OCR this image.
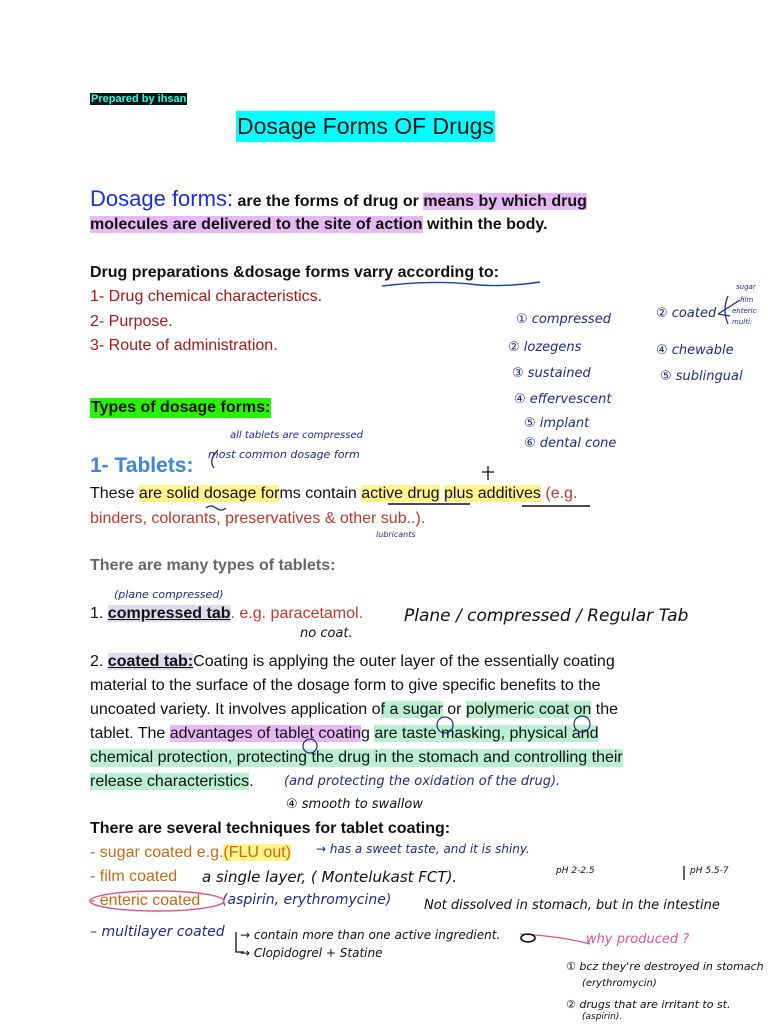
Prepared by ihsan
Dosage Forms OF Drugs
Dosage forms: are the forms of drug or means by which drug
molecules are delivered to the site of action within the body.
Drug preparations &dosage forms varry according to:
1- Drug chemical characteristics.
2- Purpose.
3- Route of administration.
① compressed
② lozegens
③ sustained
④ effervescent
⑤ implant
⑥ dental cone
② coated
④ chewable
⑤ sublingual
sugar
film
enteric
multi:
Types of dosage forms:
all tablets are compressed
most common dosage form
1- Tablets:
These are solid dosage forms contain active drug plus additives (e.g.
binders, colorants, preservatives & other sub..).
lubricants
There are many types of tablets:
(plane compressed)
1. compressed tab. e.g. paracetamol. Plane / compressed / Regular Tab
no coat.
2. coated tab:Coating is applying the outer layer of the essentially coating
material to the surface of the dosage form to give specific benefits to the
uncoated variety. It involves application of a sugar or polymeric coat on the
tablet. The advantages of tablet coating are taste masking, physical and
chemical protection, protecting the drug in the stomach and controlling their
release characteristics. (and protecting the oxidation of the drug).
④ smooth to swallow
There are several techniques for tablet coating:
- sugar coated e.g.(FLU out) → has a sweet taste, and it is shiny.
- film coated a single layer, ( Montelukast FCT).	pH 2-2.5	pH 5.5-7
- enteric coated (aspirin, erythromycine)	Not dissolved in stomach, but in the intestine
– multilayer coated → contain more than one active ingredient.
→ Clopidogrel + Statine
why produced ?
① bcz they're destroyed in stomach
(erythromycin)
② drugs that are irritant to st.
(aspirin).
